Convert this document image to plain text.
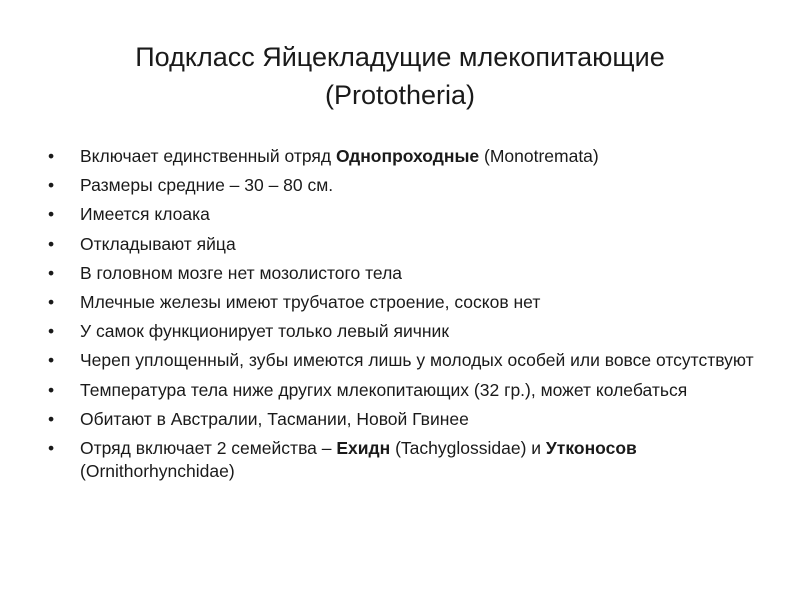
Подкласс Яйцекладущие млекопитающие
(Prototheria)
• Включает единственный отряд Однопроходные (Monotremata)
• Размеры средние – 30 – 80 см.
• Имеется клоака
• Откладывают яйца
• В головном мозге нет мозолистого тела
• Млечные железы имеют трубчатое строение, сосков нет
• У самок функционирует только левый яичник
• Череп уплощенный, зубы имеются лишь у молодых особей или вовсе отсутствуют
• Температура тела ниже других млекопитающих (32 гр.), может колебаться
• Обитают в Австралии, Тасмании, Новой Гвинее
• Отряд включает 2 семейства – Ехидн (Tachyglossidae) и Утконосов (Ornithorhynchidae)
